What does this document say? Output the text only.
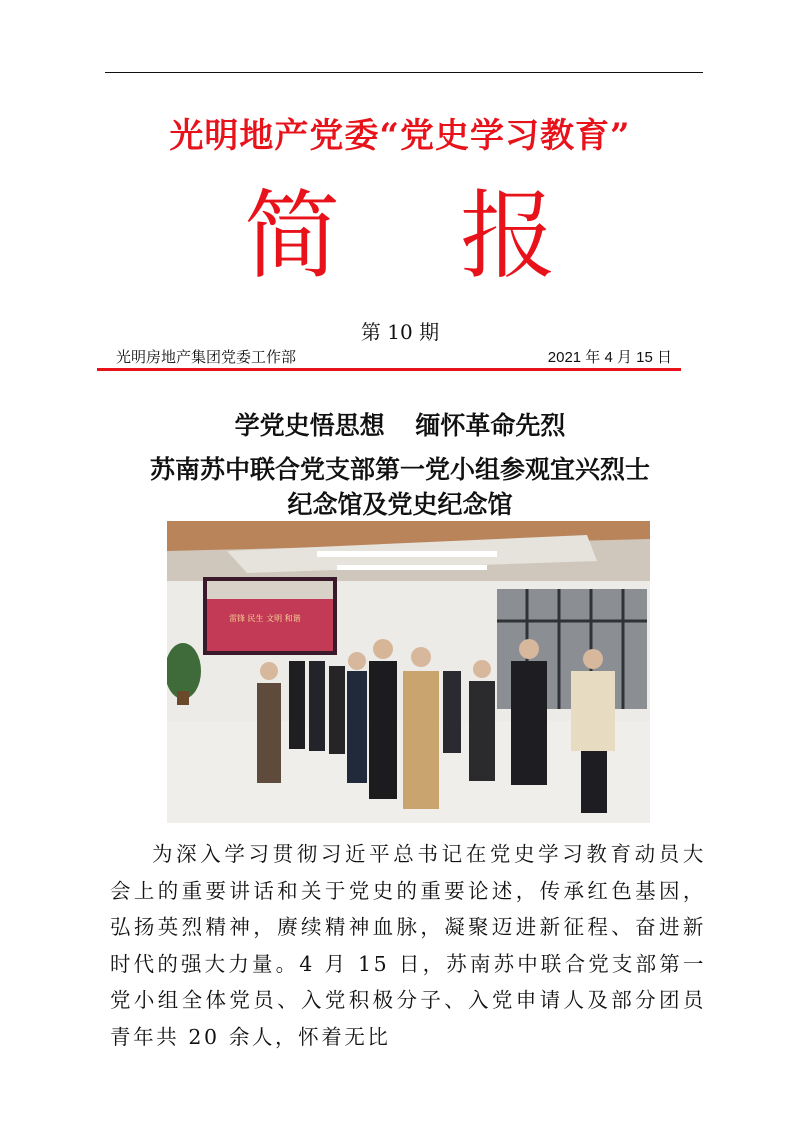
光明地产党委“党史学习教育”
简报
第 10 期
光明房地产集团党委工作部	2021 年 4 月 15 日
学党史悟思想 缅怀革命先烈
苏南苏中联合党支部第一党小组参观宜兴烈士
纪念馆及党史纪念馆
雷锋 民生 文明 和谐
为深入学习贯彻习近平总书记在党史学习教育动员大会上的重要讲话和关于党史的重要论述，传承红色基因，弘扬英烈精神，赓续精神血脉，凝聚迈进新征程、奋进新时代的强大力量。4 月 15 日，苏南苏中联合党支部第一党小组全体党员、入党积极分子、入党申请人及部分团员青年共 20 余人，怀着无比
